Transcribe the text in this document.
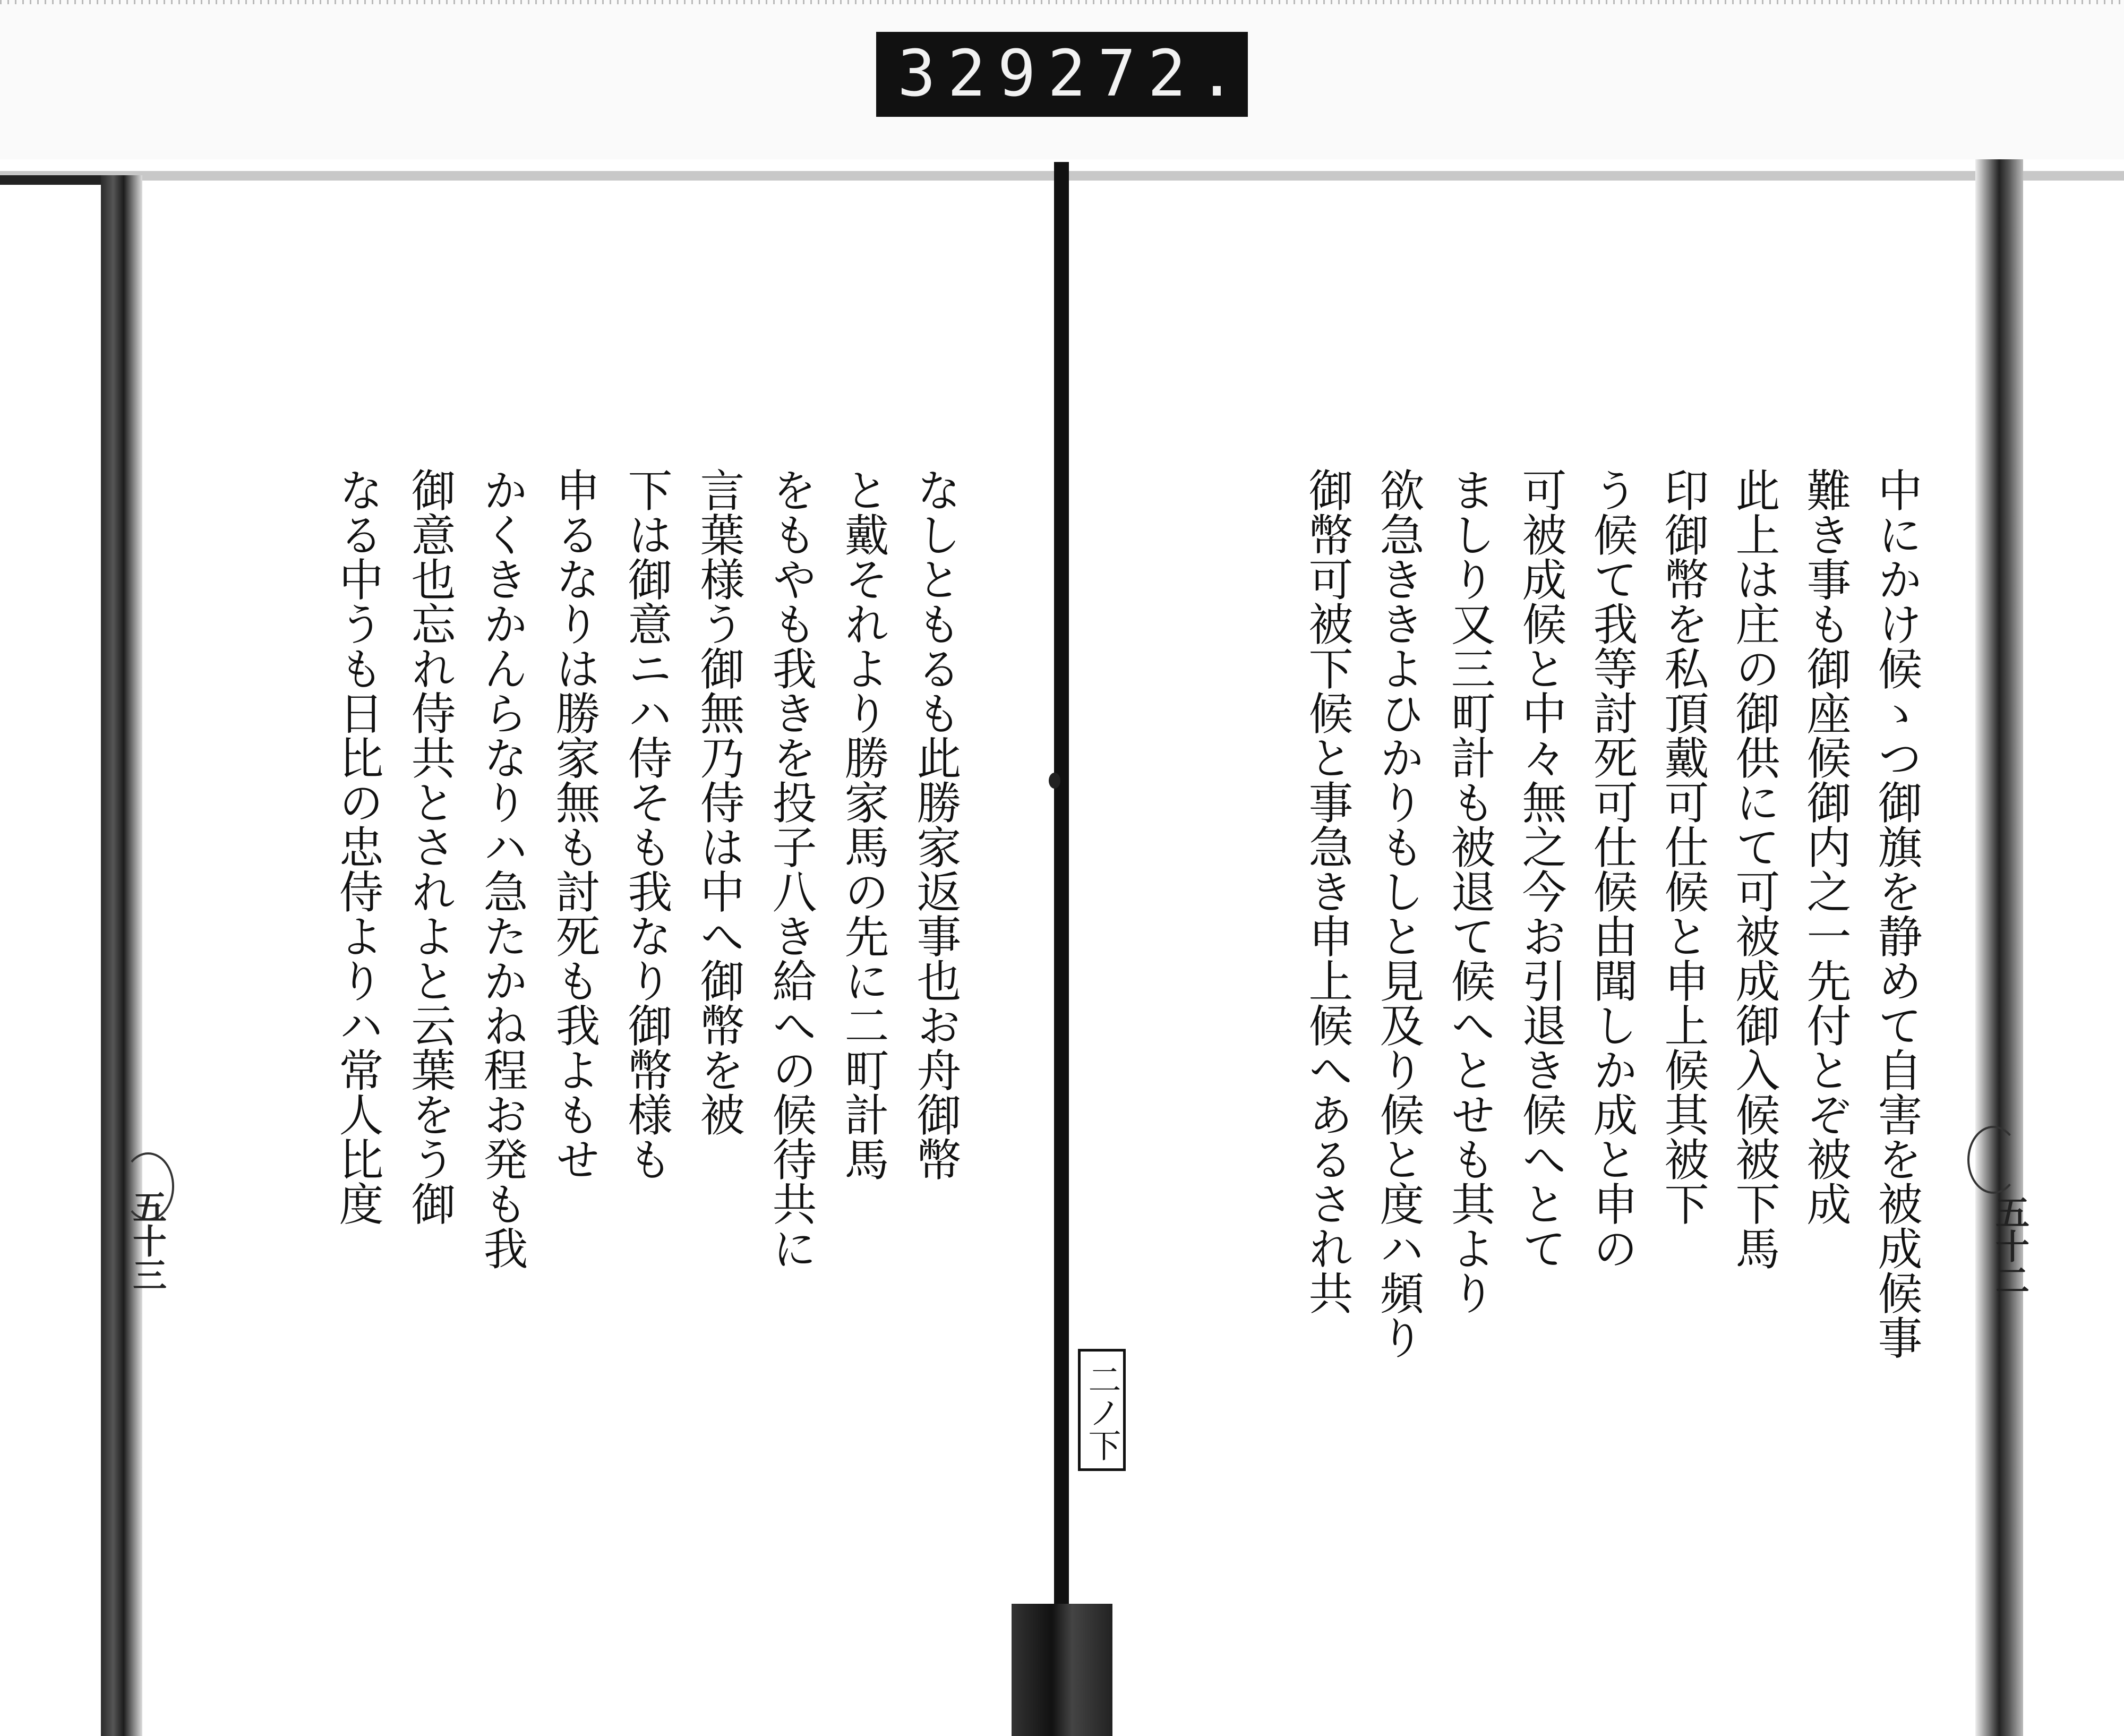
329 272.
五十三	五十二
二ノ下
中にかけ候ゝつ御旗を静めて自害を被成候事
難き事も御座候御内之一先付とぞ被成
此上は庄の御供にて可被成御入候被下馬
印御幣を私頂戴可仕候と申上候其被下
う候て我等討死可仕候由聞しか成と申の
可被成候と中々無之今お引退き候へとて
ましり又三町計も被退て候へとせも其より
欲急ききよひかりもしと見及り候と度ハ頻り
御幣可被下候と事急き申上候へあるされ共
なしともるも此勝家返事也お舟御幣
と戴それより勝家馬の先に二町計馬
をもやも我きを投子八き給への候待共に
言葉様う御無乃侍は中へ御幣を被
下は御意ニハ侍そも我なり御幣様も
申るなりは勝家無も討死も我よもせ
かくきかんらなりハ急たかね程お発も我
御意也忘れ侍共とされよと云葉をう御
なる中うも日比の忠侍よりハ常人比度
